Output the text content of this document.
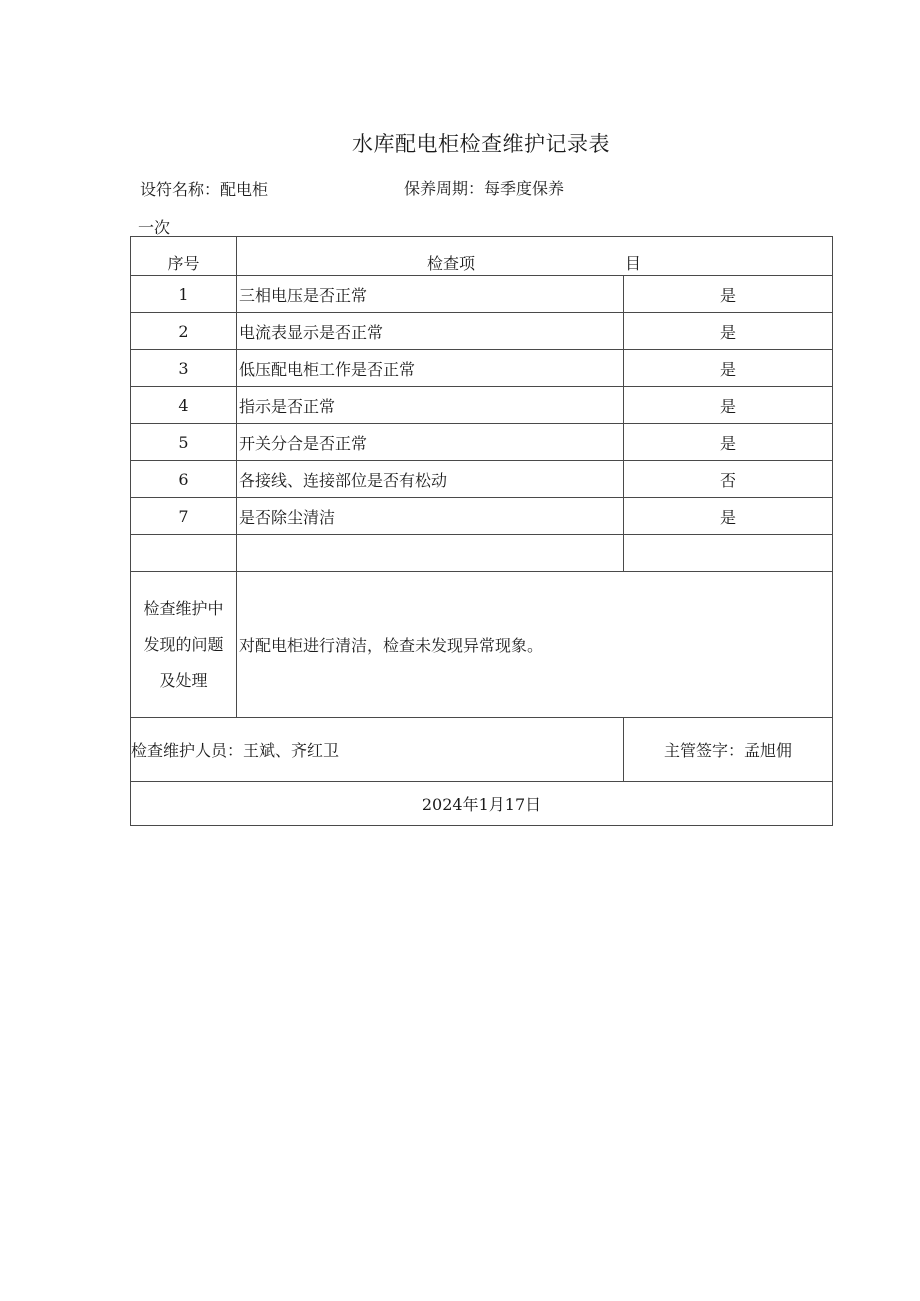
水库配电柜检查维护记录表
设符名称：配电柜	保养周期：每季度保养
一次
序号	检查项 目	

1	三相电压是否正常	是
2	电流表显示是否正常	是
3	低压配电柜工作是否正常	是
4	指示是否正常	是
5	开关分合是否正常	是
6	各接线、连接部位是否有松动	否
7	是否除尘清洁	是

检查维护中
发现的问题
及处理	对配电柜进行清洁，检查未发现异常现象。	
检查维护人员：王斌、齐红卫		主管签字：孟旭佣
2024年1月17日		
